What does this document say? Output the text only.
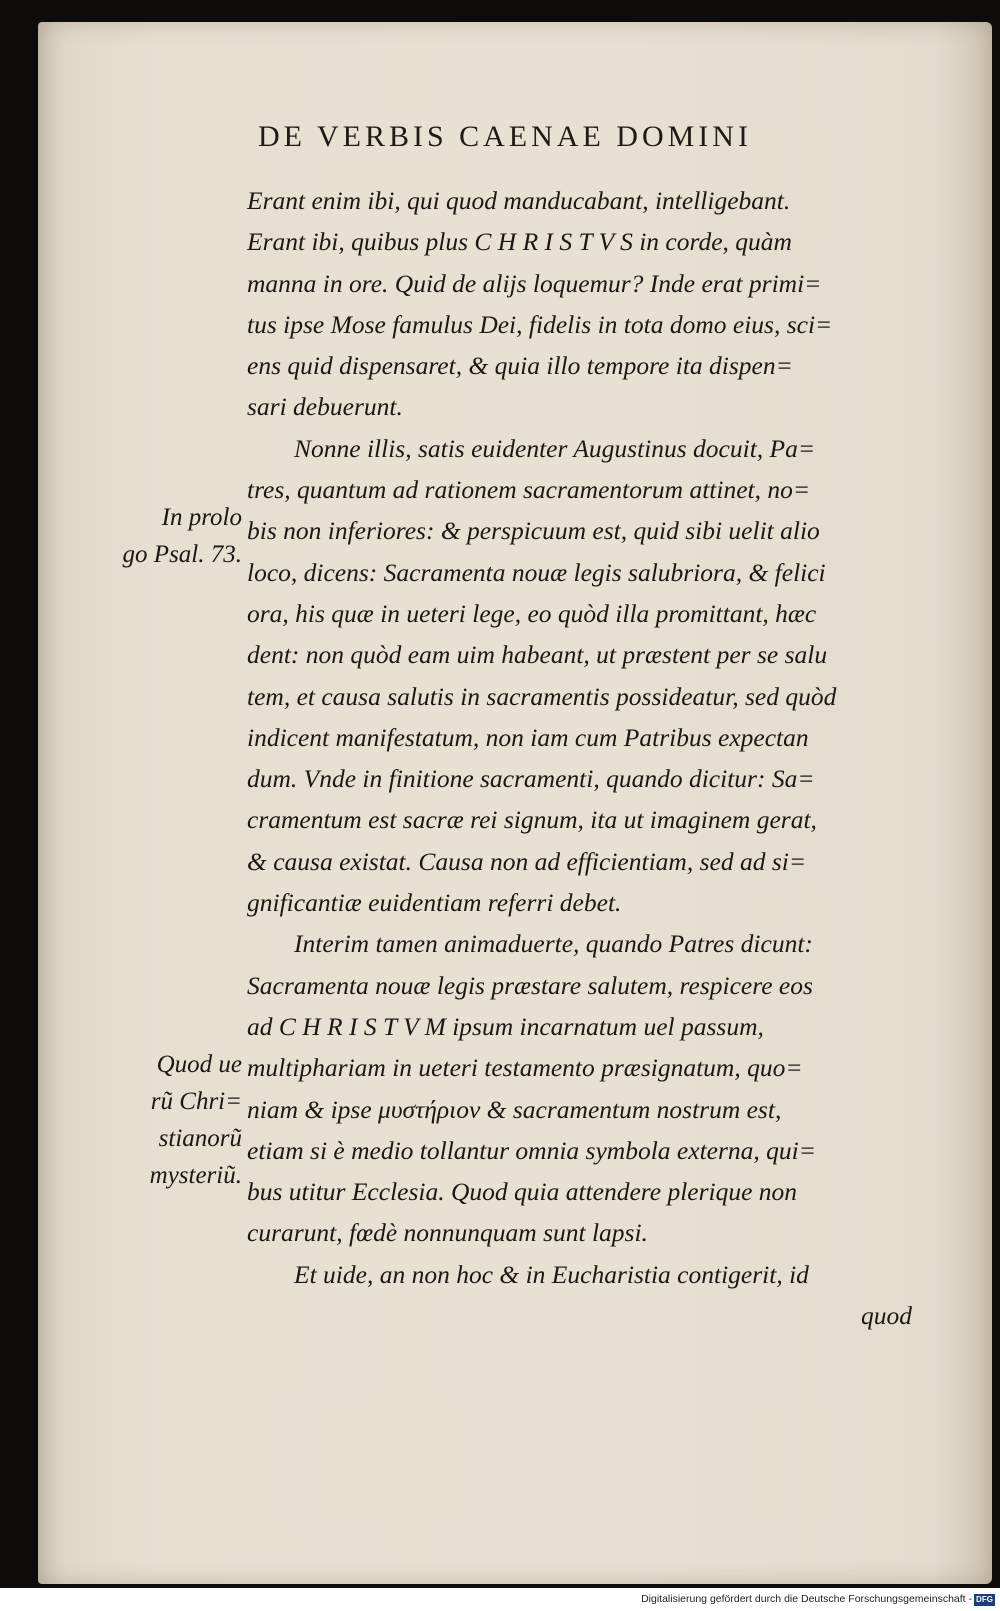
DE VERBIS CAENAE DOMINI
Erant enim ibi, qui quod manducabant, intelligebant.
Erant ibi, quibus plus C H R I S T V S in corde, quàm
manna in ore. Quid de alijs loquemur? Inde erat primi=
tus ipse Mose famulus Dei, fidelis in tota domo eius, sci=
ens quid dispensaret, & quia illo tempore ita dispen=
sari debuerunt.
Nonne illis, satis euidenter Augustinus docuit, Pa=
tres, quantum ad rationem sacramentorum attinet, no=
bis non inferiores: & perspicuum est, quid sibi uelit alio
loco, dicens: Sacramenta nouæ legis salubriora, & felici
ora, his quæ in ueteri lege, eo quòd illa promittant, hæc
dent: non quòd eam uim habeant, ut præstent per se salu
tem, et causa salutis in sacramentis possideatur, sed quòd
indicent manifestatum, non iam cum Patribus expectan
dum. Vnde in finitione sacramenti, quando dicitur: Sa=
cramentum est sacræ rei signum, ita ut imaginem gerat,
& causa existat. Causa non ad efficientiam, sed ad si=
gnificantiæ euidentiam referri debet.
Interim tamen animaduerte, quando Patres dicunt:
Sacramenta nouæ legis præstare salutem, respicere eos
ad C H R I S T V M ipsum incarnatum uel passum,
multiphariam in ueteri testamento præsignatum, quo=
niam & ipse μυστήριον & sacramentum nostrum est,
etiam si è medio tollantur omnia symbola externa, qui=
bus utitur Ecclesia. Quod quia attendere plerique non
curarunt, fœdè nonnunquam sunt lapsi.
Et uide, an non hoc & in Eucharistia contigerit, id
quod
In prolo
go Psal. 73.
Quod ue
rũ Chri=
stianorũ
mysteriũ.
Digitalisierung gefördert durch die Deutsche Forschungsgemeinschaft - DFG
